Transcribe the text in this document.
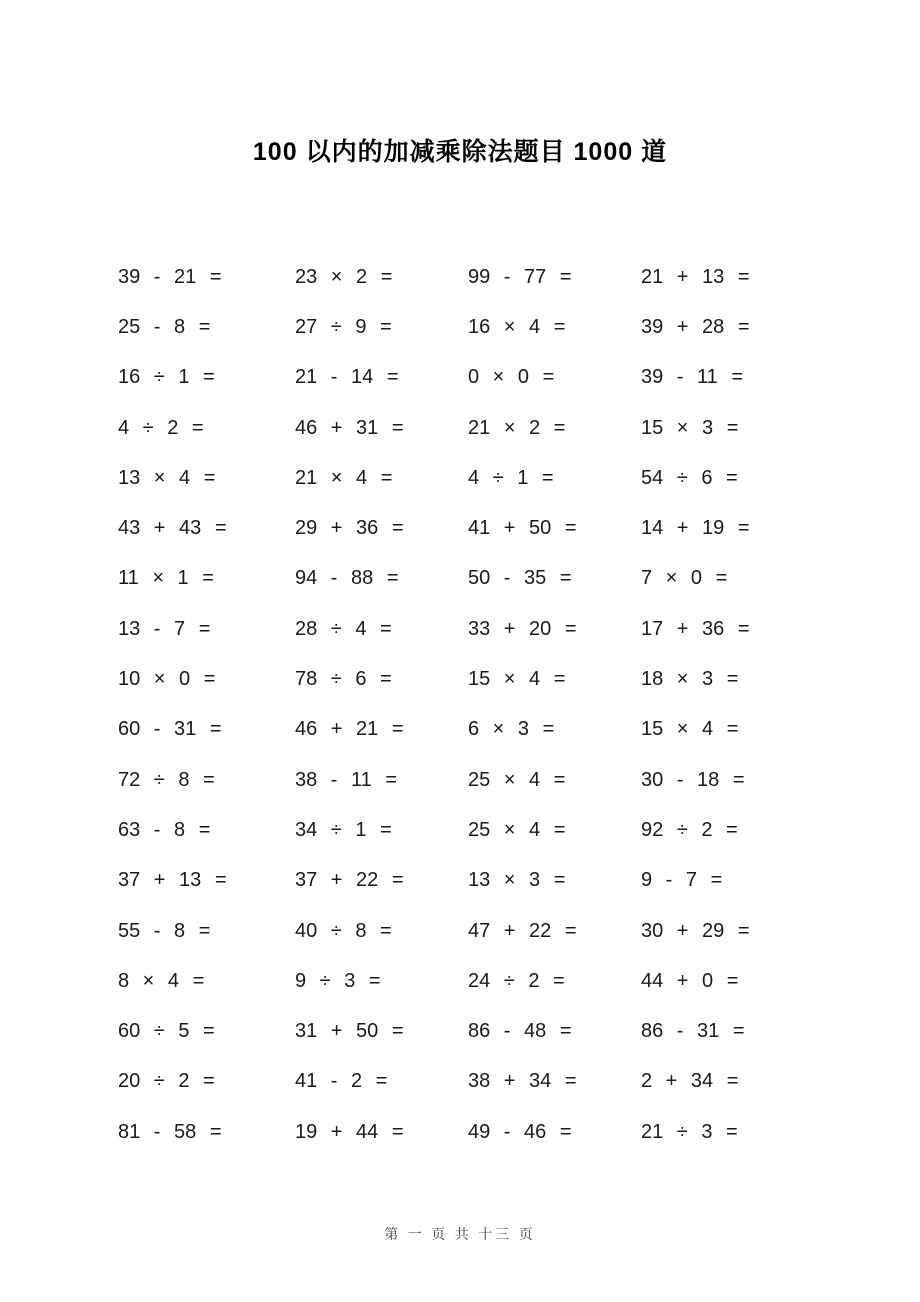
100 以内的加减乘除法题目 1000 道
39 - 21 =	23 × 2 =	99 - 77 =	21 + 13 =
25 - 8 =	27 ÷ 9 =	16 × 4 =	39 + 28 =
16 ÷ 1 =	21 - 14 =	0 × 0 =	39 - 11 =
4 ÷ 2 =	46 + 31 =	21 × 2 =	15 × 3 =
13 × 4 =	21 × 4 =	4 ÷ 1 =	54 ÷ 6 =
43 + 43 =	29 + 36 =	41 + 50 =	14 + 19 =
11 × 1 =	94 - 88 =	50 - 35 =	7 × 0 =
13 - 7 =	28 ÷ 4 =	33 + 20 =	17 + 36 =
10 × 0 =	78 ÷ 6 =	15 × 4 =	18 × 3 =
60 - 31 =	46 + 21 =	6 × 3 =	15 × 4 =
72 ÷ 8 =	38 - 11 =	25 × 4 =	30 - 18 =
63 - 8 =	34 ÷ 1 =	25 × 4 =	92 ÷ 2 =
37 + 13 =	37 + 22 =	13 × 3 =	9 - 7 =
55 - 8 =	40 ÷ 8 =	47 + 22 =	30 + 29 =
8 × 4 =	9 ÷ 3 =	24 ÷ 2 =	44 + 0 =
60 ÷ 5 =	31 + 50 =	86 - 48 =	86 - 31 =
20 ÷ 2 =	41 - 2 =	38 + 34 =	2 + 34 =
81 - 58 =	19 + 44 =	49 - 46 =	21 ÷ 3 =
第 一 页 共 十三 页
